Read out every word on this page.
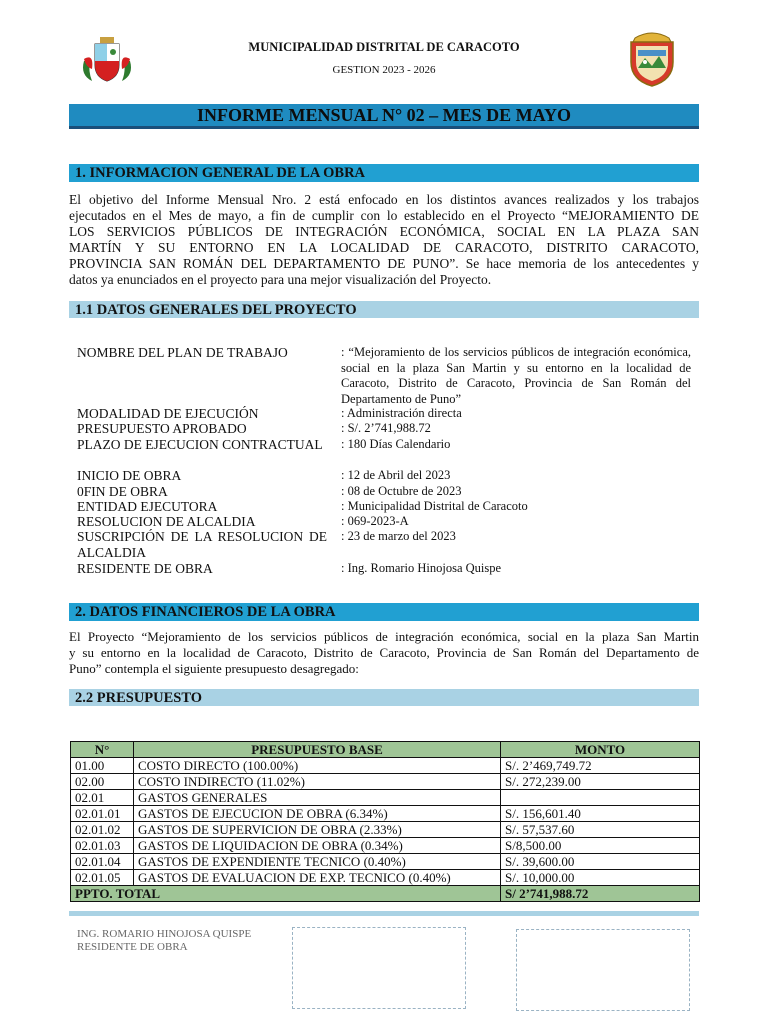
MUNICIPALIDAD DISTRITAL DE CARACOTO
GESTION 2023 - 2026
INFORME MENSUAL N° 02 – MES DE MAYO
1. INFORMACION GENERAL DE LA OBRA
El objetivo del Informe Mensual Nro. 2 está enfocado en los distintos avances realizados y los trabajos
ejecutados en el Mes de mayo, a fin de cumplir con lo establecido en el Proyecto “MEJORAMIENTO DE
LOS SERVICIOS PÚBLICOS DE INTEGRACIÓN ECONÓMICA, SOCIAL EN LA PLAZA SAN
MARTÍN Y SU ENTORNO EN LA LOCALIDAD DE CARACOTO, DISTRITO CARACOTO,
PROVINCIA SAN ROMÁN DEL DEPARTAMENTO DE PUNO”. Se hace memoria de los antecedentes y
datos ya enunciados en el proyecto para una mejor visualización del Proyecto.
1.1 DATOS GENERALES DEL PROYECTO
NOMBRE DEL PLAN DE TRABAJO	: “Mejoramiento de los servicios públicos de integración económica, social en la plaza San Martin y su entorno en la localidad de Caracoto, Distrito de Caracoto, Provincia de San Román del Departamento de Puno”
MODALIDAD DE EJECUCIÓN	: Administración directa
PRESUPUESTO APROBADO	: S/. 2’741,988.72
PLAZO DE EJECUCION CONTRACTUAL	: 180 Días Calendario
INICIO DE OBRA	: 12 de Abril del 2023
0FIN DE OBRA	: 08 de Octubre de 2023
ENTIDAD EJECUTORA	: Municipalidad Distrital de Caracoto
RESOLUCION DE ALCALDIA	: 069-2023-A
SUSCRIPCIÓN DE LA RESOLUCION DE ALCALDIA
: 23 de marzo del 2023
RESIDENTE DE OBRA	: Ing. Romario Hinojosa Quispe
2. DATOS FINANCIEROS DE LA OBRA
El Proyecto “Mejoramiento de los servicios públicos de integración económica, social en la plaza San Martin
y su entorno en la localidad de Caracoto, Distrito de Caracoto, Provincia de San Román del Departamento de
Puno” contempla el siguiente presupuesto desagregado:
2.2 PRESUPUESTO
N°	PRESUPUESTO BASE	MONTO
01.00	COSTO DIRECTO (100.00%)	S/. 2’469,749.72
02.00	COSTO INDIRECTO (11.02%)	S/. 272,239.00
02.01	GASTOS GENERALES	
02.01.01	GASTOS DE EJECUCION DE OBRA (6.34%)	S/. 156,601.40
02.01.02	GASTOS DE SUPERVICION DE OBRA (2.33%)	S/. 57,537.60
02.01.03	GASTOS DE LIQUIDACION DE OBRA (0.34%)	S/8,500.00
02.01.04	GASTOS DE EXPENDIENTE TECNICO (0.40%)	S/. 39,600.00
02.01.05	GASTOS DE EVALUACION DE EXP. TECNICO (0.40%)	S/. 10,000.00
PPTO. TOTAL		S/ 2’741,988.72
ING. ROMARIO HINOJOSA QUISPE
RESIDENTE DE OBRA
